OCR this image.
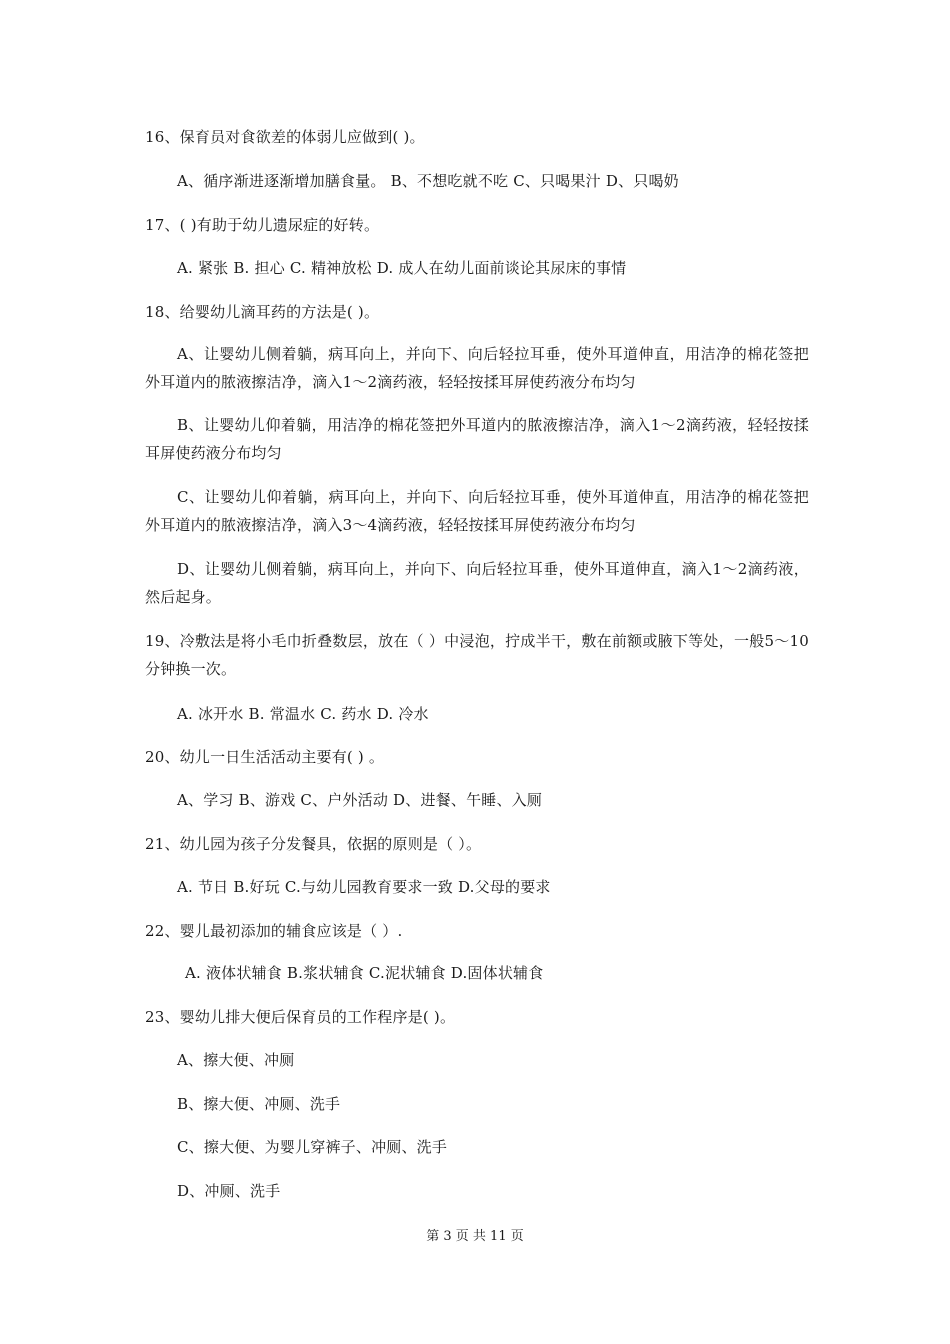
16、保育员对食欲差的体弱儿应做到( )。
A、循序渐进逐渐增加膳食量。 B、不想吃就不吃 C、只喝果汁 D、只喝奶
17、( )有助于幼儿遗尿症的好转。
A. 紧张 B. 担心 C. 精神放松 D. 成人在幼儿面前谈论其尿床的事情
18、给婴幼儿滴耳药的方法是( )。
A、让婴幼儿侧着躺，病耳向上，并向下、向后轻拉耳垂，使外耳道伸直，用洁净的棉花签把外耳道内的脓液擦洁净，滴入1～2滴药液，轻轻按揉耳屏使药液分布均匀
B、让婴幼儿仰着躺，用洁净的棉花签把外耳道内的脓液擦洁净，滴入1～2滴药液，轻轻按揉耳屏使药液分布均匀
C、让婴幼儿仰着躺，病耳向上，并向下、向后轻拉耳垂，使外耳道伸直，用洁净的棉花签把外耳道内的脓液擦洁净，滴入3～4滴药液，轻轻按揉耳屏使药液分布均匀
D、让婴幼儿侧着躺，病耳向上，并向下、向后轻拉耳垂，使外耳道伸直，滴入1～2滴药液，然后起身。
19、冷敷法是将小毛巾折叠数层，放在（ ）中浸泡，拧成半干，敷在前额或腋下等处，一般5～10分钟换一次。
A. 冰开水 B. 常温水 C. 药水 D. 冷水
20、幼儿一日生活活动主要有( ) 。
A、学习 B、游戏 C、户外活动 D、进餐、午睡、入厕
21、幼儿园为孩子分发餐具，依据的原则是（ ）。
A. 节日 B.好玩 C.与幼儿园教育要求一致 D.父母的要求
22、婴儿最初添加的辅食应该是（ ）.
A. 液体状辅食 B.浆状辅食 C.泥状辅食 D.固体状辅食
23、婴幼儿排大便后保育员的工作程序是( )。
A、擦大便、冲厕
B、擦大便、冲厕、洗手
C、擦大便、为婴儿穿裤子、冲厕、洗手
D、冲厕、洗手
第 3 页 共 11 页
